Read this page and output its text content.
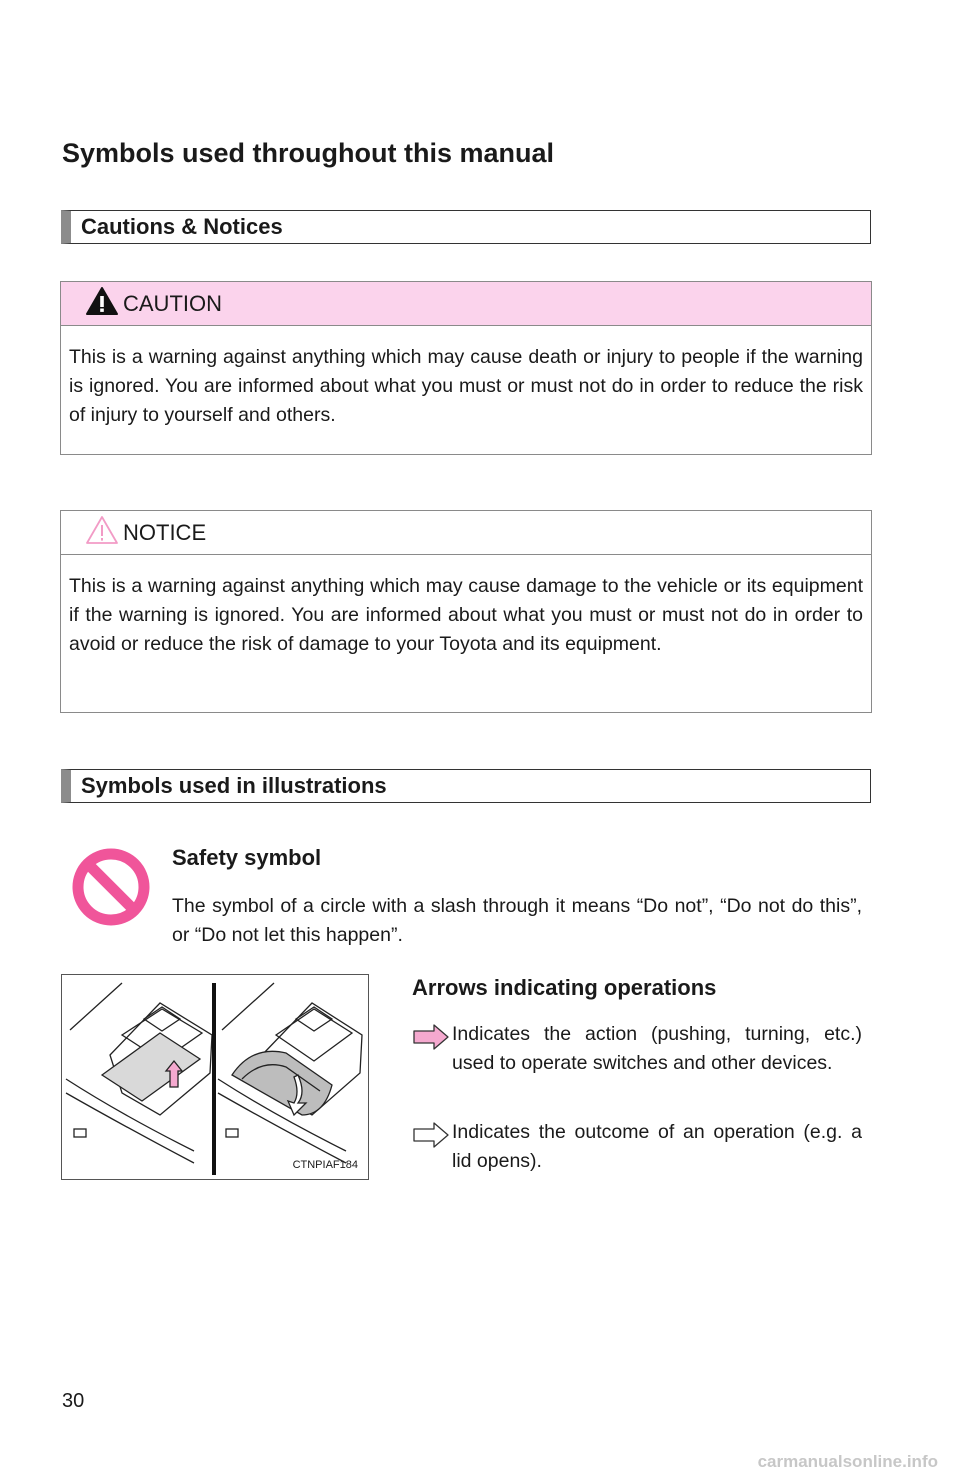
Symbols used throughout this manual
Cautions & Notices
CAUTION
This is a warning against anything which may cause death or injury to people if the warning is ignored. You are informed about what you must or must not do in order to reduce the risk of injury to yourself and others.
NOTICE
This is a warning against anything which may cause damage to the vehicle or its equipment if the warning is ignored. You are informed about what you must or must not do in order to avoid or reduce the risk of damage to your Toyota and its equipment.
Symbols used in illustrations
Safety symbol
The symbol of a circle with a slash through it means “Do not”, “Do not do this”, or “Do not let this happen”.
CTNPIAF184
Arrows indicating operations
Indicates the action (pushing, turning, etc.) used to operate switches and other devices.
Indicates the outcome of an operation (e.g. a lid opens).
30
carmanualsonline.info
